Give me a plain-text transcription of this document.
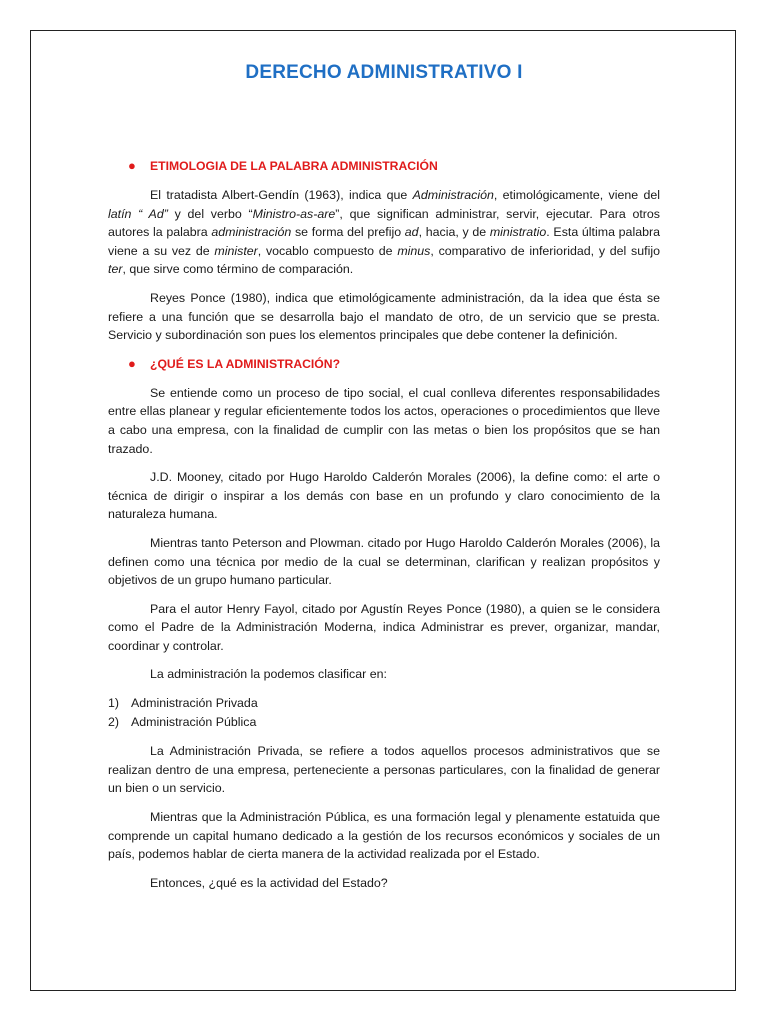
DERECHO ADMINISTRATIVO I
● ETIMOLOGIA DE LA PALABRA ADMINISTRACIÓN

El tratadista Albert-Gendín (1963), indica que Administración, etimológicamente, viene del latín “ Ad” y del verbo “Ministro-as-are”, que significan administrar, servir, ejecutar. Para otros autores la palabra administración se forma del prefijo ad, hacia, y de ministratio. Esta última palabra viene a su vez de minister, vocablo compuesto de minus, comparativo de inferioridad, y del sufijo ter, que sirve como término de comparación.

Reyes Ponce (1980), indica que etimológicamente administración, da la idea que ésta se refiere a una función que se desarrolla bajo el mandato de otro, de un servicio que se presta. Servicio y subordinación son pues los elementos principales que debe contener la definición.

● ¿QUÉ ES LA ADMINISTRACIÓN?

Se entiende como un proceso de tipo social, el cual conlleva diferentes responsabilidades entre ellas planear y regular eficientemente todos los actos, operaciones o procedimientos que lleve a cabo una empresa, con la finalidad de cumplir con las metas o bien los propósitos que se han trazado.

J.D. Mooney, citado por Hugo Haroldo Calderón Morales (2006), la define como: el arte o técnica de dirigir o inspirar a los demás con base en un profundo y claro conocimiento de la naturaleza humana.

Mientras tanto Peterson and Plowman. citado por Hugo Haroldo Calderón Morales (2006), la definen como una técnica por medio de la cual se determinan, clarifican y realizan propósitos y objetivos de un grupo humano particular.

Para el autor Henry Fayol, citado por Agustín Reyes Ponce (1980), a quien se le considera como el Padre de la Administración Moderna, indica Administrar es prever, organizar, mandar, coordinar y controlar.

La administración la podemos clasificar en:

1) Administración Privada
2) Administración Pública

La Administración Privada, se refiere a todos aquellos procesos administrativos que se realizan dentro de una empresa, perteneciente a personas particulares, con la finalidad de generar un bien o un servicio.

Mientras que la Administración Pública, es una formación legal y plenamente estatuida que comprende un capital humano dedicado a la gestión de los recursos económicos y sociales de un país, podemos hablar de cierta manera de la actividad realizada por el Estado.

Entonces, ¿qué es la actividad del Estado?
